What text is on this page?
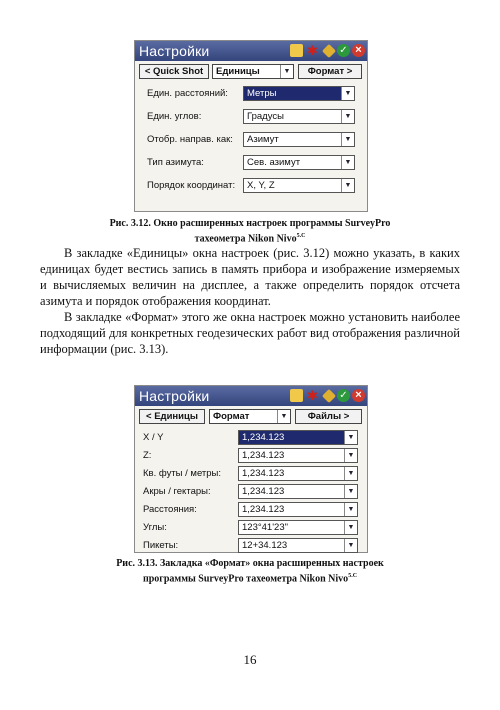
Настройки	✱
✓
×
< Quick Shot	Единицы	▼	Формат >
Един. расстояний:	Метры	▼
Един. углов:	Градусы	▼
Отобр. направ. как:	Азимут	▼
Тип азимута:	Сев. азимут	▼
Порядок координат:	X, Y, Z	▼
Рис. 3.12. Окно расширенных настроек программы SurveyPro
тахеометра Nikon Nivo$^{5.C}$

В закладке «Единицы» окна настроек (рис. 3.12) можно указать, в каких единицах будет вестись запись в память прибора и изображение измеряемых и вычисляемых величин на дисплее, а также определить порядок отсчета азимута и порядок отображения координат.

В закладке «Формат» этого же окна настроек можно установить наиболее подходящий для конкретных геодезических работ вид отображения различной информации (рис. 3.13).

Настройки	✱
✓
×
< Единицы	Формат	▼	Файлы >
X / Y	1,234.123	▼
Z:	1,234.123	▼
Кв. футы / метры:	1,234.123	▼
Акры / гектары:	1,234.123	▼
Расстояния:	1,234.123	▼
Углы:	123°41'23"	▼
Пикеты:	12+34.123	▼
Рис. 3.13. Закладка «Формат» окна расширенных настроек
программы SurveyPro тахеометра Nikon Nivo$^{5.C}$
16
